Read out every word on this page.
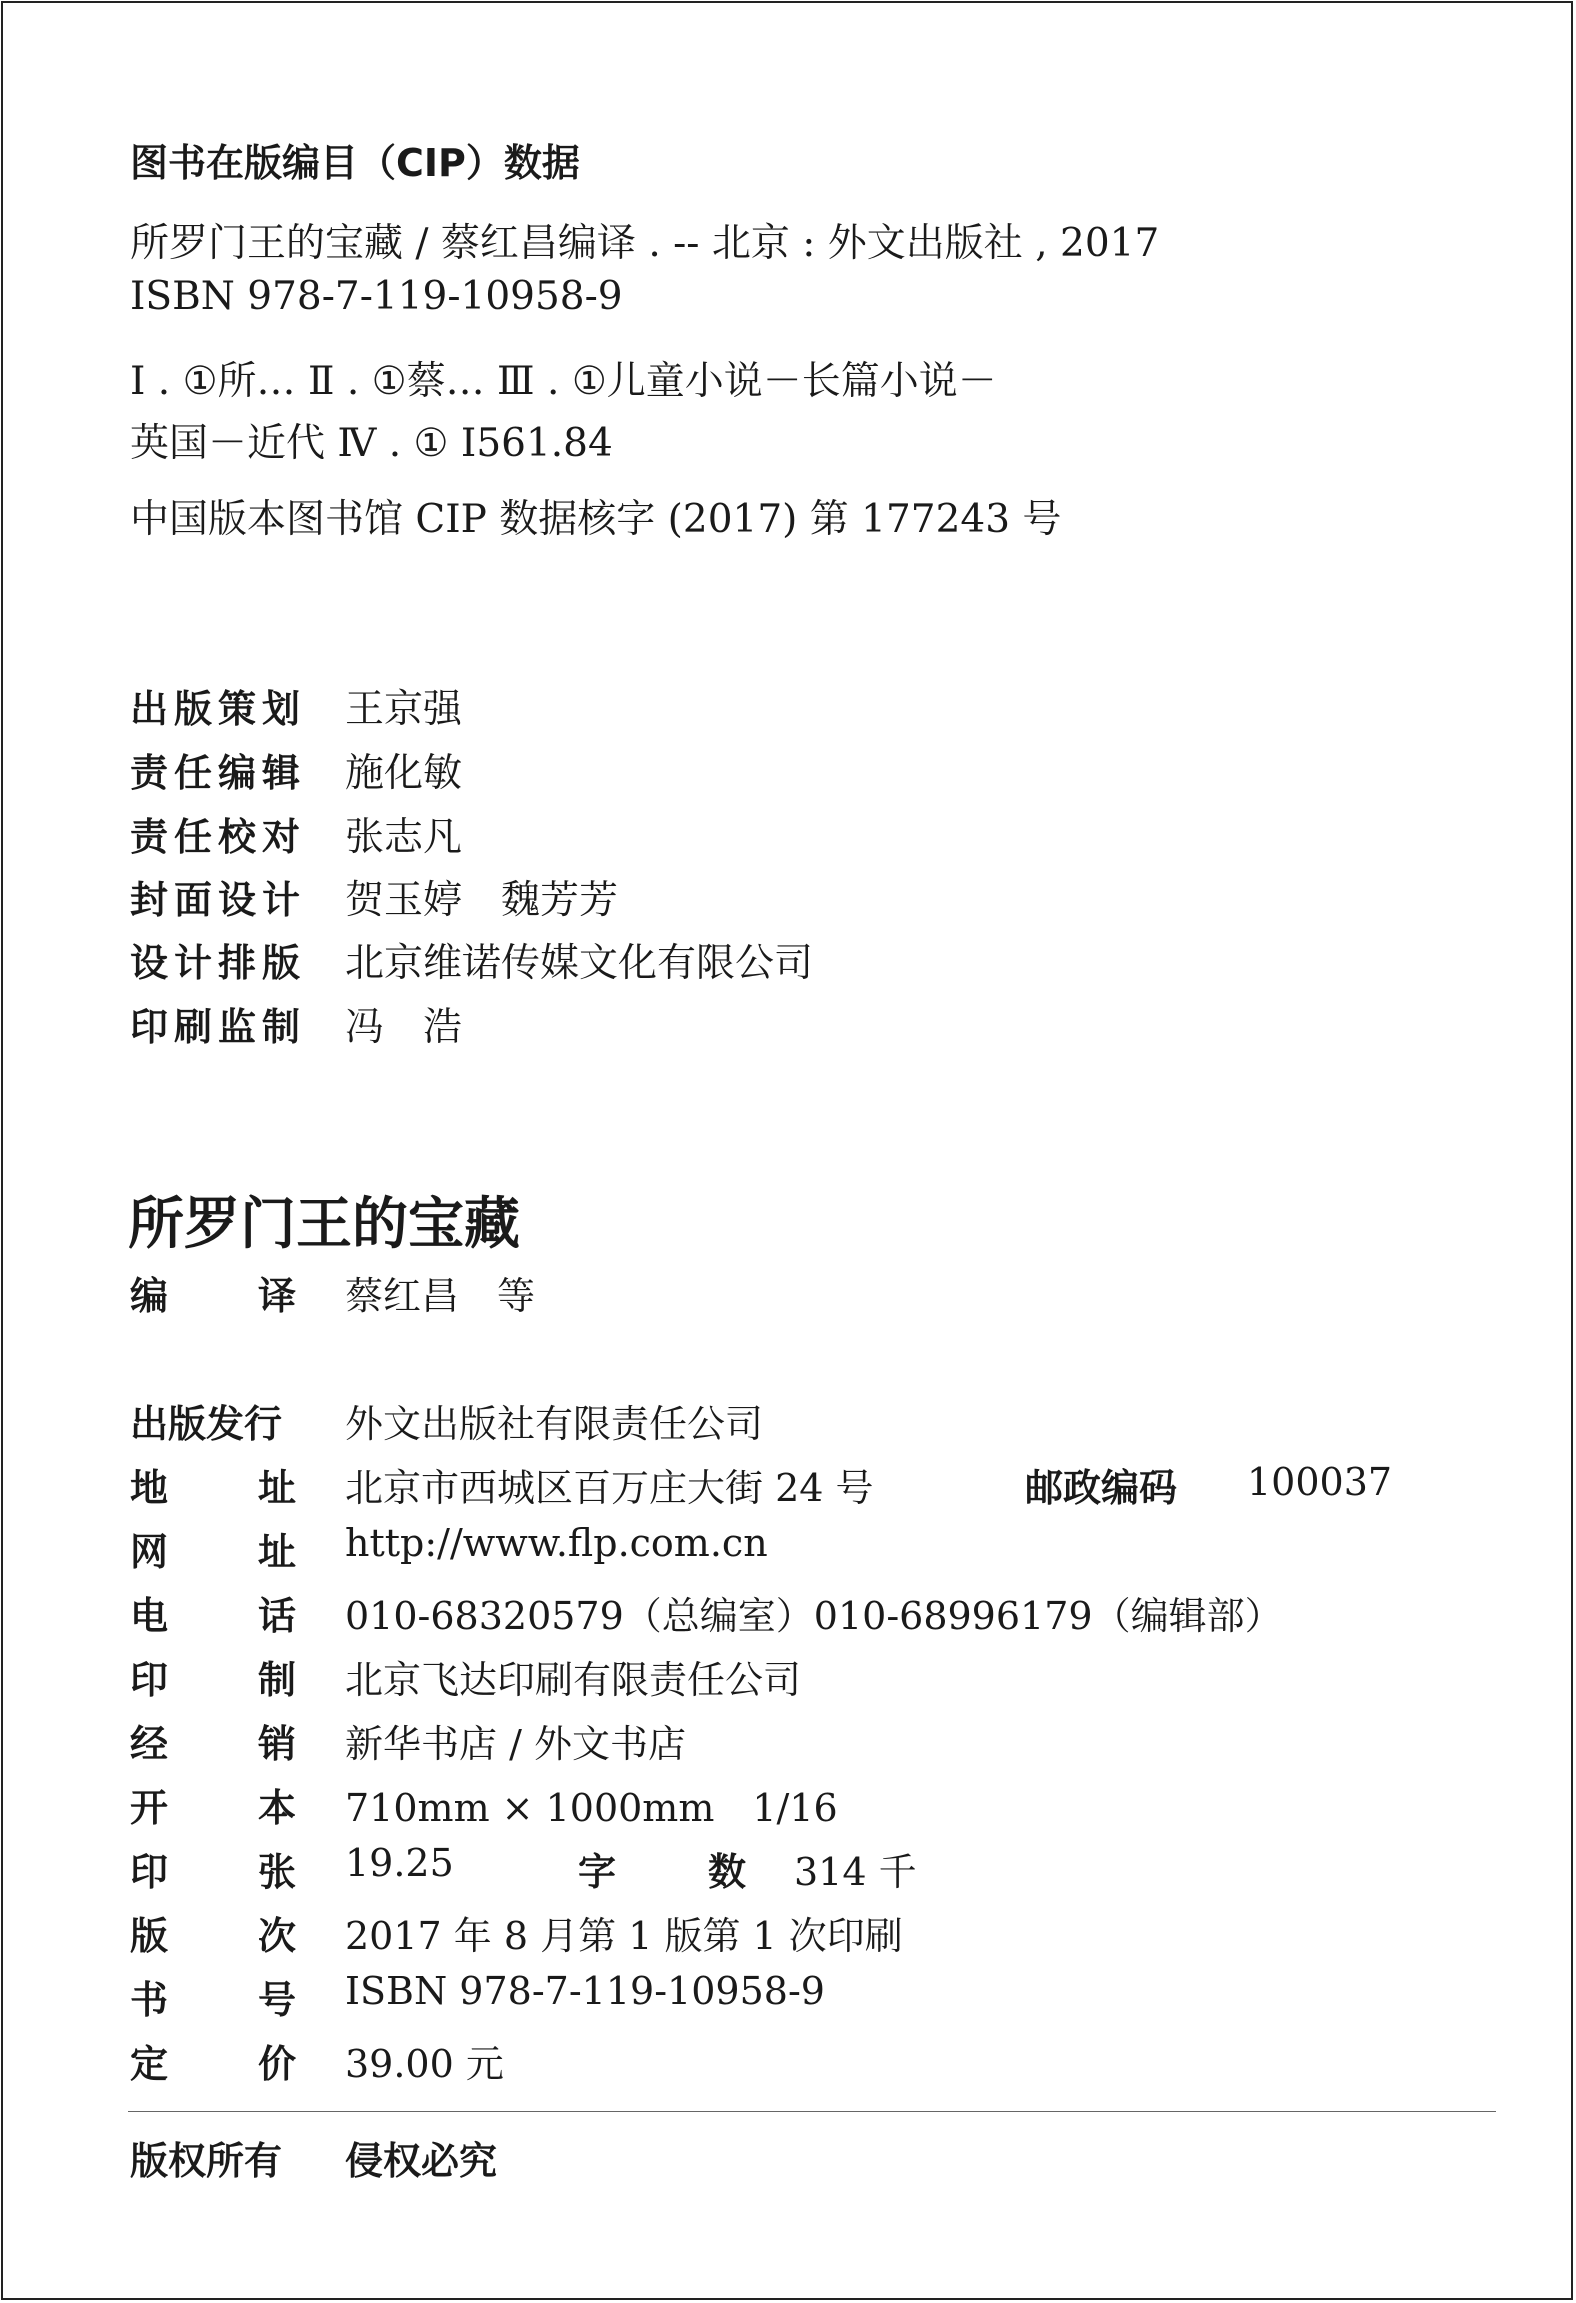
图书在版编目（CIP）数据
所罗门王的宝藏 / 蔡红昌编译 . -- 北京 : 外文出版社 , 2017
ISBN 978-7-119-10958-9
Ⅰ . ①所… Ⅱ . ①蔡… Ⅲ . ①儿童小说－长篇小说－
英国－近代 Ⅳ . ① I561.84
中国版本图书馆 CIP 数据核字 (2017) 第 177243 号
出版策划 王京强
责任编辑 施化敏
责任校对 张志凡
封面设计 贺玉婷　魏芳芳
设计排版 北京维诺传媒文化有限公司
印刷监制 冯　浩
所罗门王的宝藏
编 译 蔡红昌　等
出版发行 外文出版社有限责任公司
地 址 北京市西城区百万庄大街 24 号	邮政编码 100037
网 址 http://www.flp.com.cn
电 话 010-68320579（总编室）010-68996179（编辑部）
印 制 北京飞达印刷有限责任公司
经 销 新华书店 / 外文书店
开 本 710mm × 1000mm　1/16
印 张 19.25	字 数 314 千
版 次 2017 年 8 月第 1 版第 1 次印刷
书 号 ISBN 978-7-119-10958-9
定 价 39.00 元
版权所有 侵权必究
